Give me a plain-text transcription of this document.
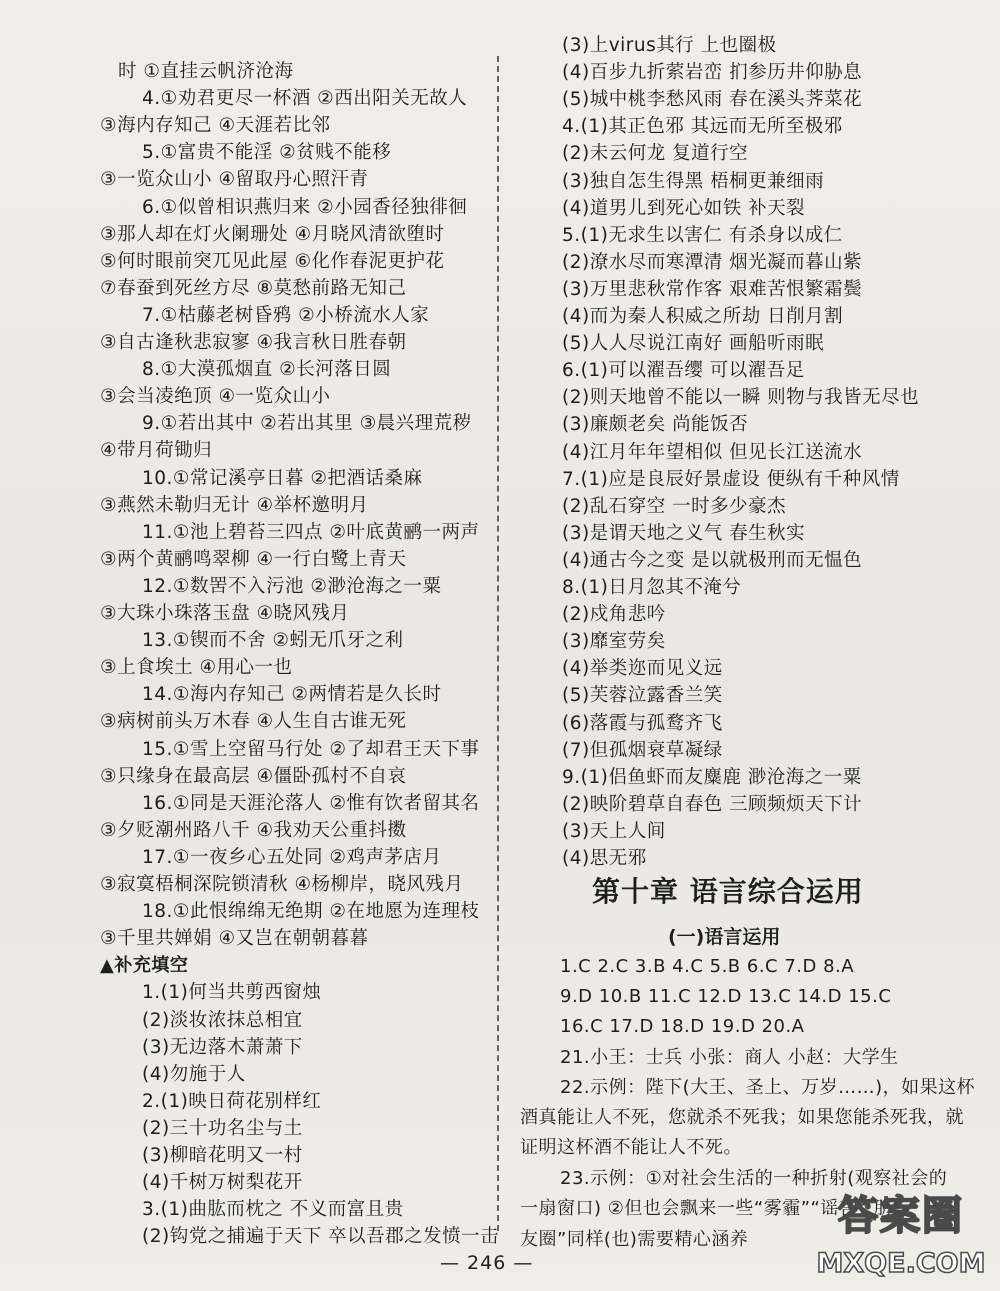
时 ①直挂云帆济沧海
4.①劝君更尽一杯酒 ②西出阳关无故人
③海内存知己 ④天涯若比邻
5.①富贵不能淫 ②贫贱不能移
③一览众山小 ④留取丹心照汗青
6.①似曾相识燕归来 ②小园香径独徘徊
③那人却在灯火阑珊处 ④月晓风清欲堕时
⑤何时眼前突兀见此屋 ⑥化作春泥更护花
⑦春蚕到死丝方尽 ⑧莫愁前路无知己
7.①枯藤老树昏鸦 ②小桥流水人家
③自古逢秋悲寂寥 ④我言秋日胜春朝
8.①大漠孤烟直 ②长河落日圆
③会当凌绝顶 ④一览众山小
9.①若出其中 ②若出其里 ③晨兴理荒秽
④带月荷锄归
10.①常记溪亭日暮 ②把酒话桑麻
③燕然未勒归无计 ④举杯邀明月
11.①池上碧苔三四点 ②叶底黄鹂一两声
③两个黄鹂鸣翠柳 ④一行白鹭上青天
12.①数罟不入污池 ②渺沧海之一粟
③大珠小珠落玉盘 ④晓风残月
13.①锲而不舍 ②蚓无爪牙之利
③上食埃土 ④用心一也
14.①海内存知己 ②两情若是久长时
③病树前头万木春 ④人生自古谁无死
15.①雪上空留马行处 ②了却君王天下事
③只缘身在最高层 ④僵卧孤村不自哀
16.①同是天涯沦落人 ②惟有饮者留其名
③夕贬潮州路八千 ④我劝天公重抖擞
17.①一夜乡心五处同 ②鸡声茅店月
③寂寞梧桐深院锁清秋 ④杨柳岸，晓风残月
18.①此恨绵绵无绝期 ②在地愿为连理枝
③千里共婵娟 ④又岂在朝朝暮暮
▲补充填空
1.(1)何当共剪西窗烛
(2)淡妆浓抹总相宜
(3)无边落木萧萧下
(4)勿施于人
2.(1)映日荷花别样红
(2)三十功名尘与土
(3)柳暗花明又一村
(4)千树万树梨花开
3.(1)曲肱而枕之 不义而富且贵
(2)钩党之捕遍于天下 卒以吾郡之发愤一击
第十章 语言综合运用
(一)语言运用
1.C 2.C 3.B 4.C 5.B 6.C 7.D 8.A
9.D 10.B 11.C 12.D 13.C 14.D 15.C
16.C 17.D 18.D 19.D 20.A
21.小王：士兵 小张：商人 小赵：大学生
22.示例：陛下(大王、圣上、万岁……)，如果这杯
酒真能让人不死，您就杀不死我；如果您能杀死我，就
证明这杯酒不能让人不死。
23.示例：①对社会生活的一种折射(观察社会的
一扇窗口) ②但也会飘来一些“雾霾”“谣言” 朋
友圈”同样(也)需要精心涵养
(3)上virus其行 上也圈极
(4)百步九折萦岩峦 扪参历井仰胁息
(5)城中桃李愁风雨 春在溪头荠菜花
4.(1)其正色邪 其远而无所至极邪
(2)未云何龙 复道行空
(3)独自怎生得黑 梧桐更兼细雨
(4)道男儿到死心如铁 补天裂
5.(1)无求生以害仁 有杀身以成仁
(2)潦水尽而寒潭清 烟光凝而暮山紫
(3)万里悲秋常作客 艰难苦恨繁霜鬓
(4)而为秦人积威之所劫 日削月割
(5)人人尽说江南好 画船听雨眠
6.(1)可以濯吾缨 可以濯吾足
(2)则天地曾不能以一瞬 则物与我皆无尽也
(3)廉颇老矣 尚能饭否
(4)江月年年望相似 但见长江送流水
7.(1)应是良辰好景虚设 便纵有千种风情
(2)乱石穿空 一时多少豪杰
(3)是谓天地之义气 春生秋实
(4)通古今之变 是以就极刑而无愠色
8.(1)日月忽其不淹兮
(2)戍角悲吟
(3)靡室劳矣
(4)举类迩而见义远
(5)芙蓉泣露香兰笑
(6)落霞与孤鹜齐飞
(7)但孤烟衰草凝绿
9.(1)侣鱼虾而友麋鹿 渺沧海之一粟
(2)映阶碧草自春色 三顾频烦天下计
(3)天上人间
(4)思无邪
— 246 —
答案圈
MXQE.COM
